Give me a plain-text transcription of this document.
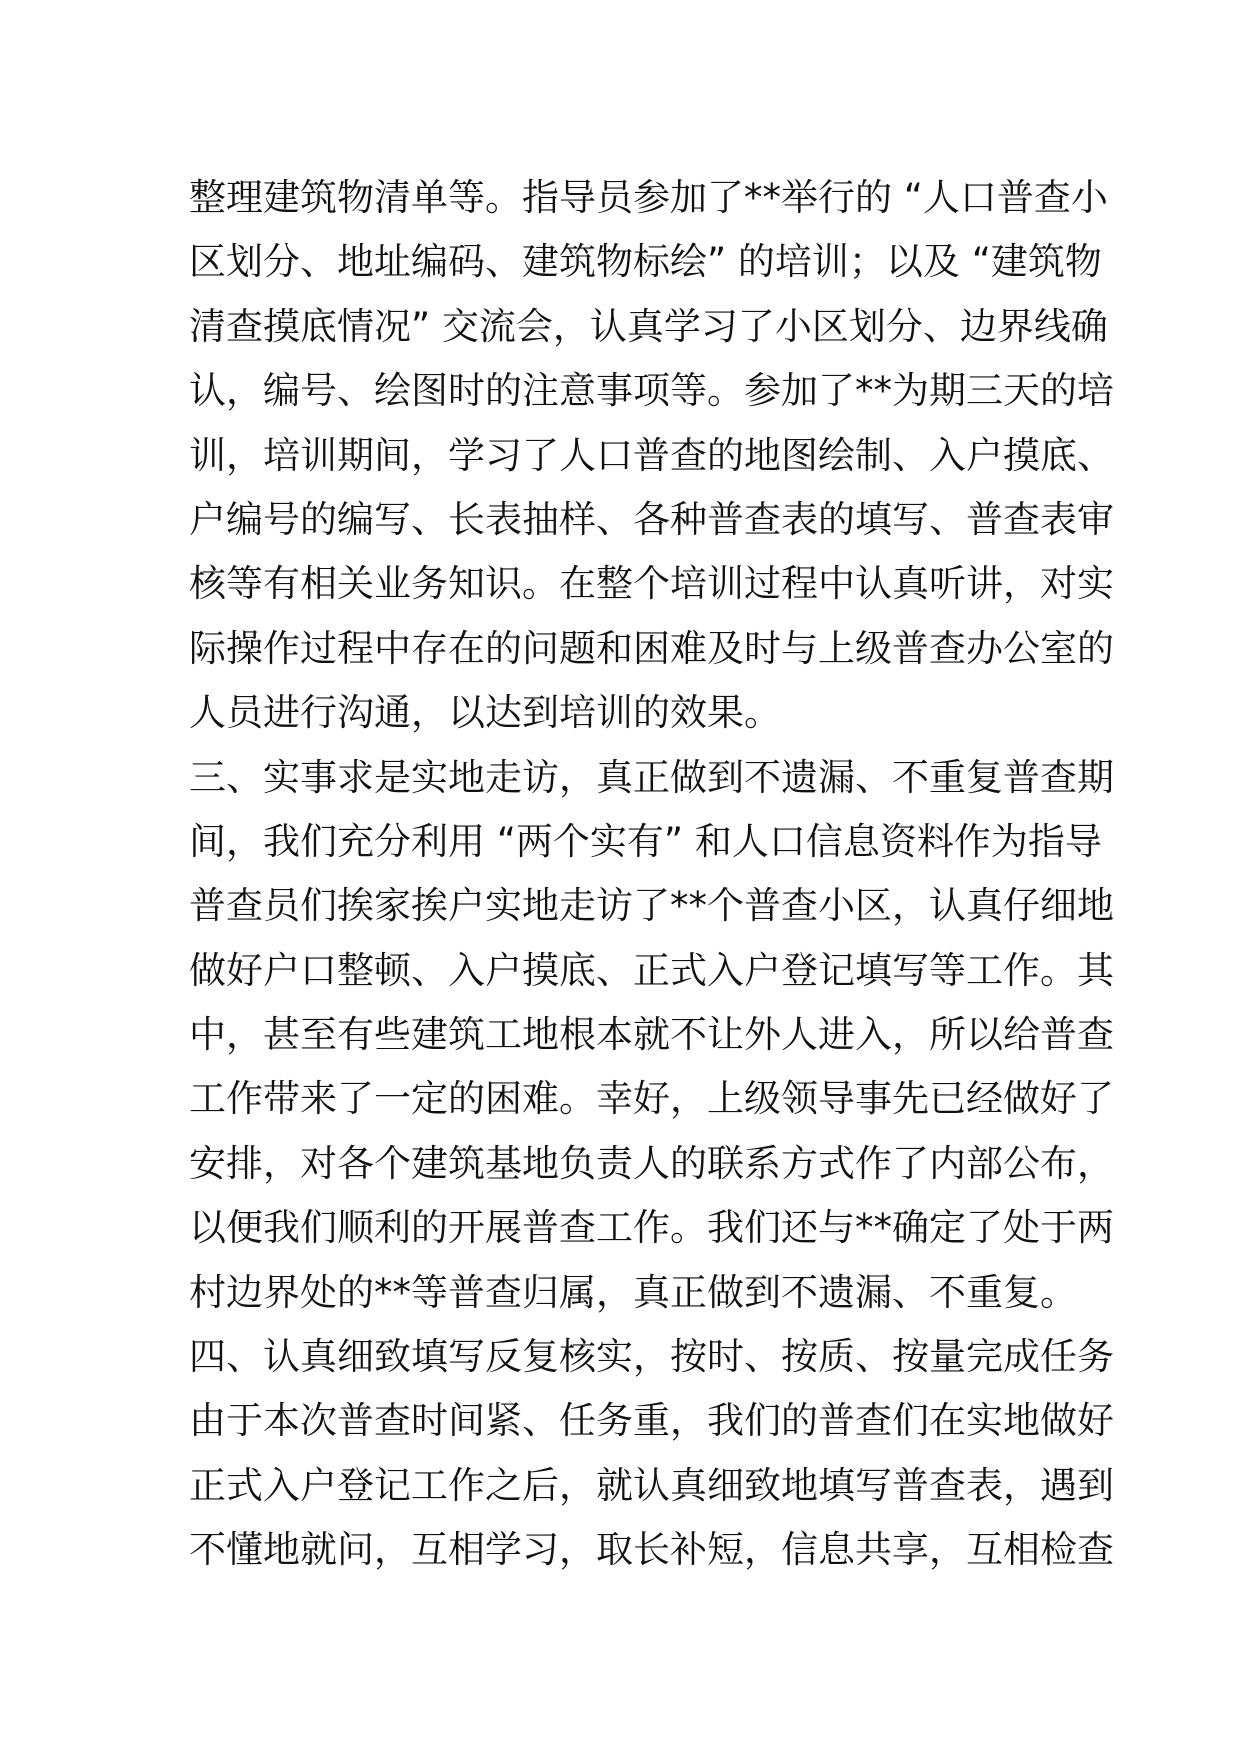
整理建筑物清单等。指导员参加了**举行的 “人口普查小
区划分、地址编码、建筑物标绘” 的培训；以及 “建筑物
清查摸底情况” 交流会，认真学习了小区划分、边界线确
认，编号、绘图时的注意事项等。参加了**为期三天的培
训，培训期间，学习了人口普查的地图绘制、入户摸底、
户编号的编写、长表抽样、各种普查表的填写、普查表审
核等有相关业务知识。在整个培训过程中认真听讲，对实
际操作过程中存在的问题和困难及时与上级普查办公室的
人员进行沟通，以达到培训的效果。
三、实事求是实地走访，真正做到不遗漏、不重复普查期
间，我们充分利用 “两个实有” 和人口信息资料作为指导
普查员们挨家挨户实地走访了**个普查小区，认真仔细地
做好户口整顿、入户摸底、正式入户登记填写等工作。其
中，甚至有些建筑工地根本就不让外人进入，所以给普查
工作带来了一定的困难。幸好，上级领导事先已经做好了
安排，对各个建筑基地负责人的联系方式作了内部公布，
以便我们顺利的开展普查工作。我们还与**确定了处于两
村边界处的**等普查归属，真正做到不遗漏、不重复。
四、认真细致填写反复核实，按时、按质、按量完成任务
由于本次普查时间紧、任务重，我们的普查们在实地做好
正式入户登记工作之后，就认真细致地填写普查表，遇到
不懂地就问，互相学习，取长补短，信息共享，互相检查
